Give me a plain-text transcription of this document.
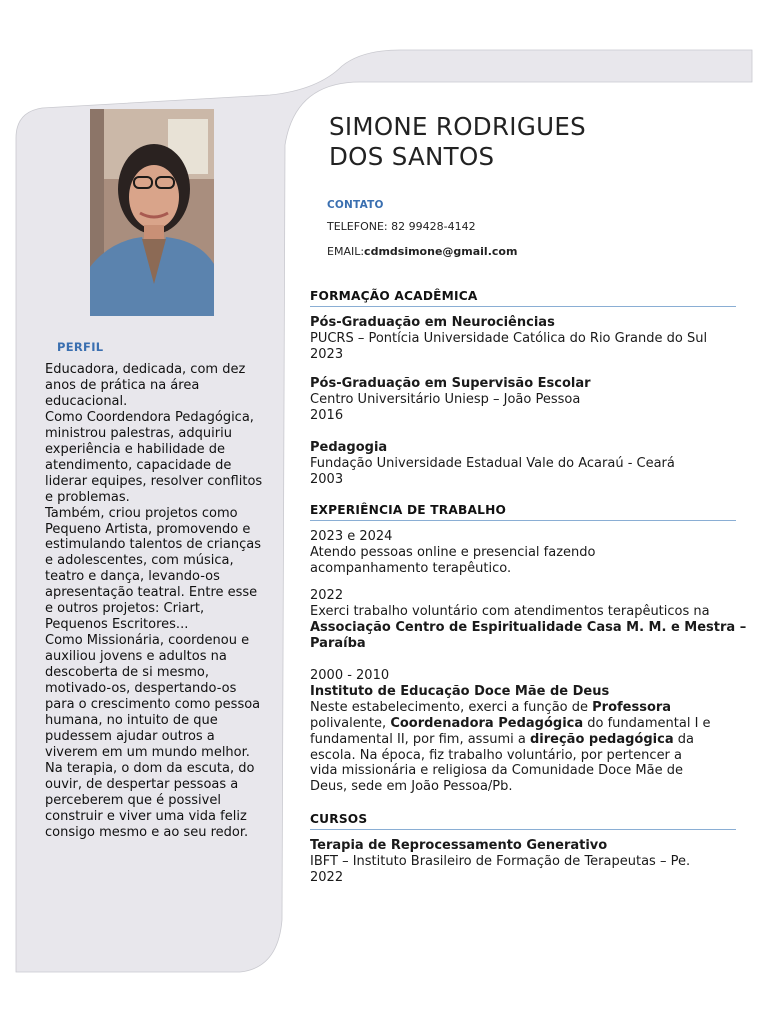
PERFIL

Educadora, dedicada, com dez anos de prática na área educacional.

Como Coordendora Pedagógica, ministrou palestras, adquiriu experiência e habilidade de atendimento, capacidade de liderar equipes, resolver conflitos e problemas.

Também, criou projetos como Pequeno Artista, promovendo e estimulando talentos de crianças e adolescentes, com música, teatro e dança, levando-os apresentação teatral. Entre esse e outros projetos: Criart, Pequenos Escritores...

Como Missionária, coordenou e auxiliou jovens e adultos na descoberta de si mesmo, motivado-os, despertando-os para o crescimento como pessoa humana, no intuito de que pudessem ajudar outros a viverem em um mundo melhor.

Na terapia, o dom da escuta, do ouvir, de despertar pessoas a perceberem que é possivel construir e viver uma vida feliz consigo mesmo e ao seu redor.

SIMONE RODRIGUES
DOS SANTOS
CONTATO
TELEFONE: 82 99428-4142
EMAIL:cdmdsimone@gmail.com
FORMAÇÃO ACADÊMICA
Pós-Graduação em Neurociências
PUCRS – Pontícia Universidade Católica do Rio Grande do Sul
2023
Pós-Graduação em Supervisão Escolar
Centro Universitário Uniesp – João Pessoa
2016
Pedagogia
Fundação Universidade Estadual Vale do Acaraú - Ceará
2003
EXPERIÊNCIA DE TRABALHO
2023 e 2024
Atendo pessoas online e presencial fazendo
acompanhamento terapêutico.
2022
Exerci trabalho voluntário com atendimentos terapêuticos na
Associação Centro de Espiritualidade Casa M. M. e Mestra –
Paraíba
2000 - 2010
Instituto de Educação Doce Mãe de Deus
Neste estabelecimento, exerci a função de Professora
polivalente, Coordenadora Pedagógica do fundamental I e
fundamental II, por fim, assumi a direção pedagógica da
escola. Na época, fiz trabalho voluntário, por pertencer a
vida missionária e religiosa da Comunidade Doce Mãe de
Deus, sede em João Pessoa/Pb.
CURSOS
Terapia de Reprocessamento Generativo
IBFT – Instituto Brasileiro de Formação de Terapeutas – Pe.
2022
